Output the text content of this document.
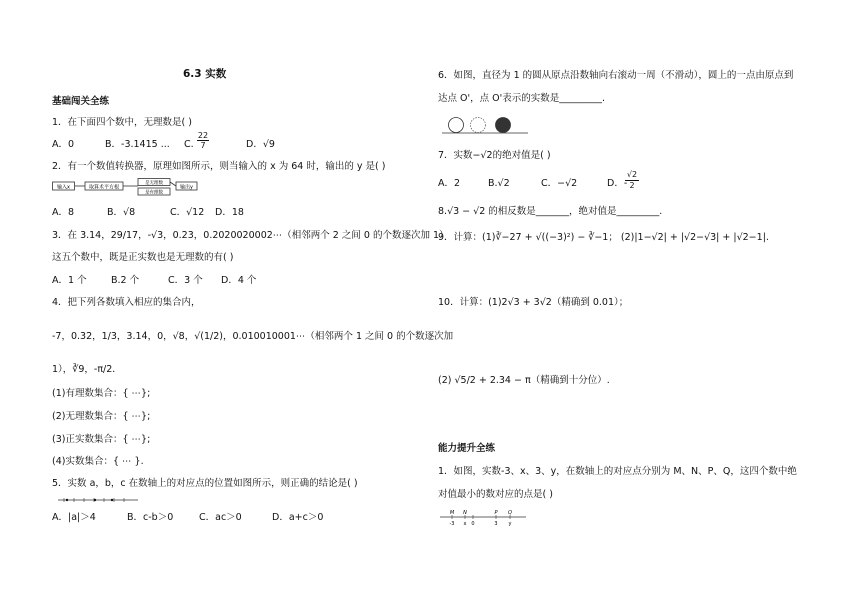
6.3 实数
基础闯关全练
1．在下面四个数中，无理数是( )
A．0	B．-3.1415 ... C. $\frac{22}{7}$	D．√9
2．有一个数值转换器，原理如图所示，则当输入的 x 为 64 时，输出的 y 是( )
输入x	取算术平方根
是无理数
输出y
是有理数
A．8	B．√8	C．√12 D．18
3．在 3.14，29/17，-√3，0.23，0.2020020002⋯（相邻两个 2 之间 0 的个数逐次加 1）
这五个数中，既是正实数也是无理数的有( )
A．1 个	B.2 个	C．3 个 D．4 个
4．把下列各数填入相应的集合内，
-7，0.32，1/3，3.14̇，0，√8，√(1/2)，0.010010001⋯（相邻两个 1 之间 0 的个数逐次加
1），∛9，-π/2．
(1)有理数集合：{ ⋯};
(2)无理数集合：{ ⋯};
(3)正实数集合：{ ⋯};
(4)实数集合：{ ⋯ }.
5．实数 a，b，c 在数轴上的对应点的位置如图所示，则正确的结论是( )
A．|a|＞4	B．c-b＞0	C．ac＞0	D．a+c＞0
6．如图，直径为 1 的圆从原点沿数轴向右滚动一周（不滑动），圆上的一点由原点到
达点 O'，点 O'表示的实数是_________.
7．实数−√2的绝对值是( )
A．2	B.√2	C．−√2	D．-
$\frac{√2}{2}$
8.√3 − √2 的相反数是_______，绝对值是_________.
9．计算：(1)∛−27 + √((−3)²) − ∛−1； (2)|1−√2| + |√2−√3| + |√2−1|.
10．计算：(1)2√3 + 3√2（精确到 0.01）；
(2) √5/2 + 2.34 − π（精确到十分位）.
能力提升全练
1．如图，实数-3、x、3、y，在数轴上的对应点分别为 M、N、P、Q，这四个数中绝
对值最小的数对应的点是( )
M N	P Q
-3 x 0	3 y
